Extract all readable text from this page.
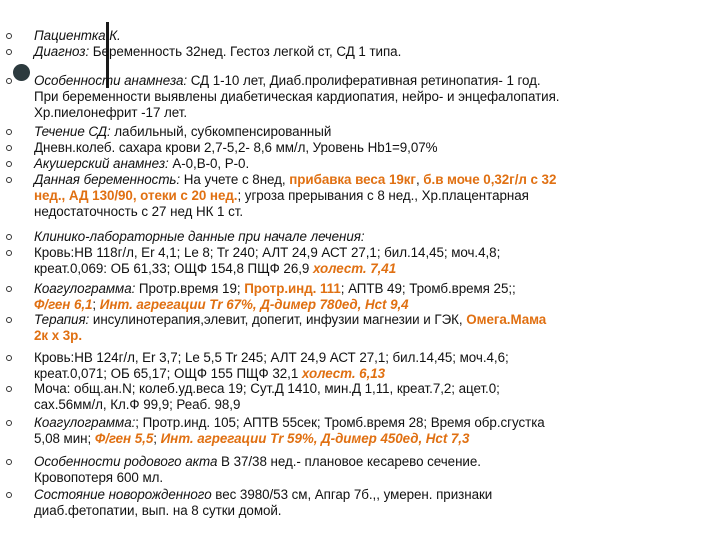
Пациентка К.
Диагноз: Беременность 32нед. Гестоз легкой ст, СД 1 типа.
Особенности анамнеза: СД 1-10 лет, Диаб.пролиферативная ретинопатия- 1 год.
При беременности выявлены диабетическая кардиопатия, нейро- и энцефалопатия.
Хр.пиелонефрит -17 лет.
Течение СД: лабильный, субкомпенсированный
Дневн.колеб. сахара крови 2,7-5,2- 8,6 мм/л, Уровень Нb1=9,07%
Акушерский анамнез: А-0,В-0, Р-0.
Данная беременность: На учете с 8нед, прибавка веса 19кг, б.в моче 0,32г/л с 32
нед., АД 130/90, отеки с 20 нед.; угроза прерывания с 8 нед., Хр.плацентарная
недостаточность с 27 нед НК 1 ст.
Клинико-лабораторные данные при начале лечения:
Кровь:НВ 118г/л, Er 4,1; Le 8; Tr 240; АЛТ 24,9 АСТ 27,1; бил.14,45; моч.4,8;
креат.0,069: ОБ 61,33; ОЩФ 154,8 ПЩФ 26,9 холест. 7,41
Коагулограмма: Протр.время 19; Протр.инд. 111; АПТВ 49; Тромб.время 25;;
Ф/ген 6,1; Инт. агрегации Тr 67%, Д-димер 780ед, Hct 9,4
Терапия: инсулинотерапия,элевит, допегит, инфузии магнезии и ГЭК, Омега.Мама
2к х 3р.
Кровь:НВ 124г/л, Er 3,7; Le 5,5 Tr 245; АЛТ 24,9 АСТ 27,1; бил.14,45; моч.4,6;
креат.0,071; ОБ 65,17; ОЩФ 155 ПЩФ 32,1 холест. 6,13
Моча: общ.ан.N; колеб.уд.веса 19; Сут.Д 1410, мин.Д 1,11, креат.7,2; ацет.0;
сах.56мм/л, Кл.Ф 99,9; Реаб. 98,9
Коагулограмма:; Протр.инд. 105; АПТВ 55сек; Тромб.время 28; Время обр.сгустка
5,08 мин; Ф/ген 5,5; Инт. агрегации Тr 59%, Д-димер 450ед, Hct 7,3
Особенности родового акта В 37/38 нед.- плановое кесарево сечение.
Кровопотеря 600 мл.
Состояние новорожденного вес 3980/53 см, Апгар 7б.,, умерен. признаки
диаб.фетопатии, вып. на 8 сутки домой.
